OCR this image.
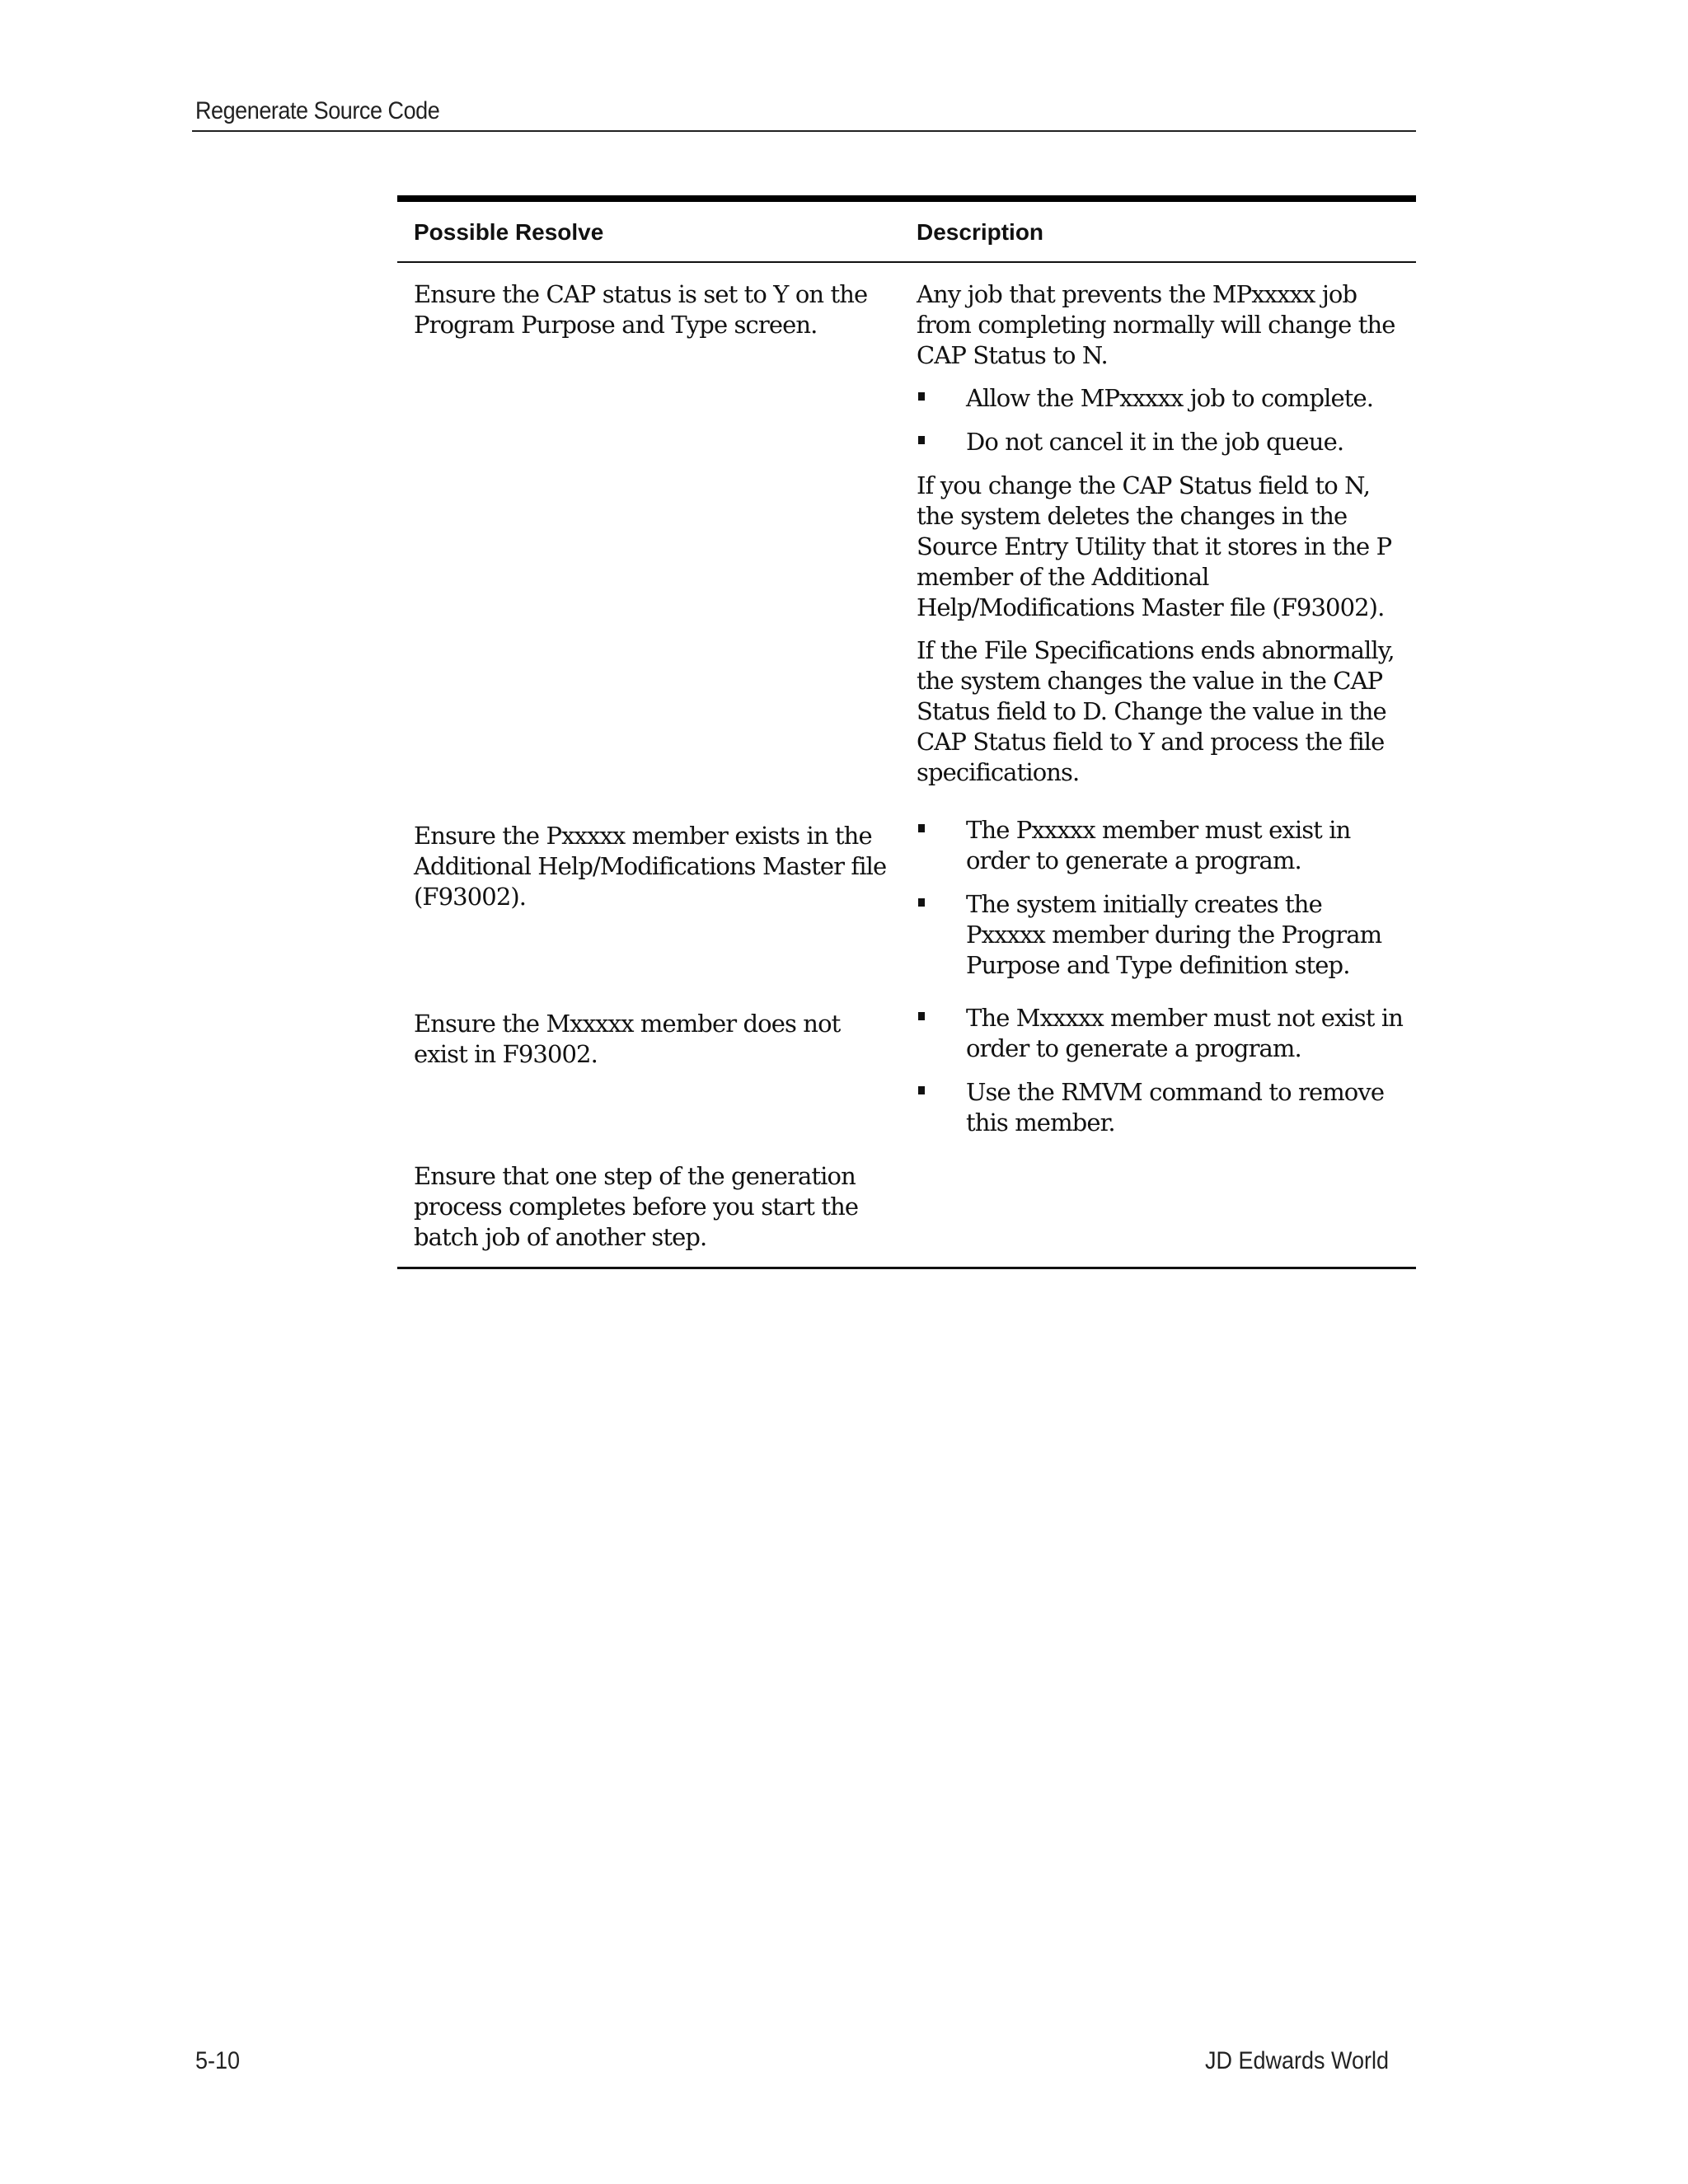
Regenerate Source Code
Possible Resolve	Description

Ensure the CAP status is set to Y on the Program Purpose and Type screen.

Any job that prevents the MPxxxxx job from completing normally will change the CAP Status to N.

Allow the MPxxxxx job to complete.
Do not cancel it in the job queue.

If you change the CAP Status field to N, the system deletes the changes in the Source Entry Utility that it stores in the P member of the Additional Help/Modifications Master file (F93002).

If the File Specifications ends abnormally, the system changes the value in the CAP Status field to D. Change the value in the CAP Status field to Y and process the file specifications.

Ensure the Pxxxxx member exists in the Additional Help/Modifications Master file (F93002).

The Pxxxxx member must exist in order to generate a program.
The system initially creates the Pxxxxx member during the Program Purpose and Type definition step.

Ensure the Mxxxxx member does not exist in F93002.

The Mxxxxx member must not exist in order to generate a program.
Use the RMVM command to remove this member.

Ensure that one step of the generation process completes before you start the batch job of another step.

5-10	JD Edwards World
